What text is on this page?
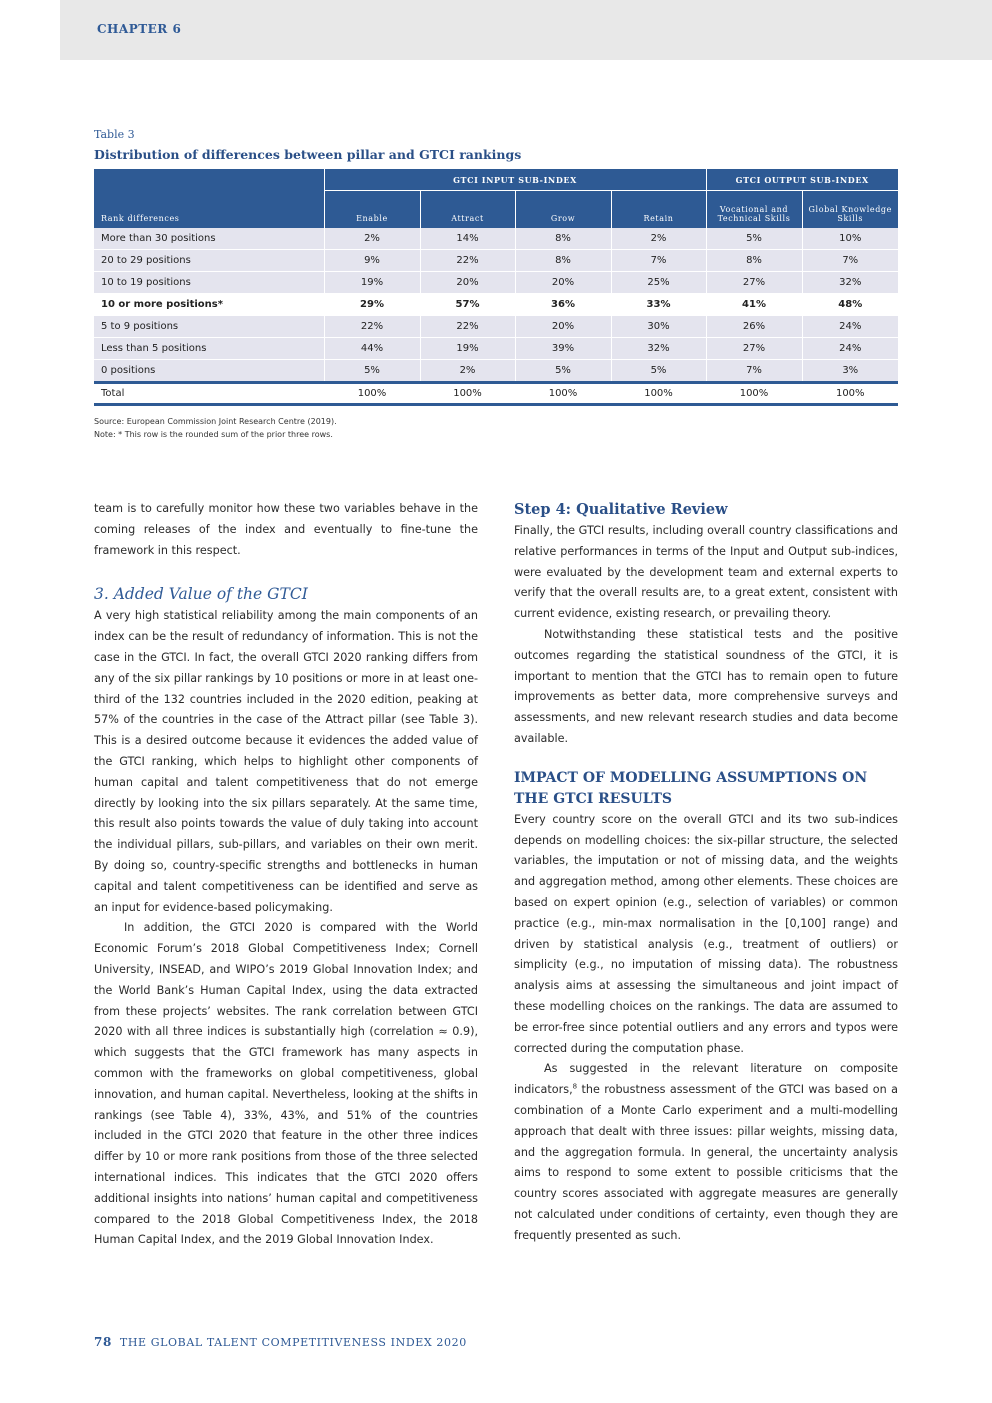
CHAPTER 6
Table 3
Distribution of differences between pillar and GTCI rankings
Rank differences	GTCI INPUT SUB-INDEX				GTCI OUTPUT SUB-INDEX	
	Enable	Attract	Grow	Retain	Vocational and Technical Skills	Global Knowledge Skills
More than 30 positions	2%	14%	8%	2%	5%	10%
20 to 29 positions	9%	22%	8%	7%	8%	7%
10 to 19 positions	19%	20%	20%	25%	27%	32%
10 or more positions*	29%	57%	36%	33%	41%	48%
5 to 9 positions	22%	22%	20%	30%	26%	24%
Less than 5 positions	44%	19%	39%	32%	27%	24%
0 positions	5%	2%	5%	5%	7%	3%
Total	100%	100%	100%	100%	100%	100%
Source: European Commission Joint Research Centre (2019).
Note: * This row is the rounded sum of the prior three rows.

team is to carefully monitor how these two variables behave in the coming releases of the index and eventually to fine-tune the framework in this respect.

3. Added Value of the GTCI

A very high statistical reliability among the main components of an index can be the result of redundancy of information. This is not the case in the GTCI. In fact, the overall GTCI 2020 ranking differs from any of the six pillar rankings by 10 positions or more in at least one-third of the 132 countries included in the 2020 edition, peaking at 57% of the countries in the case of the Attract pillar (see Table 3). This is a desired outcome because it evidences the added value of the GTCI ranking, which helps to highlight other components of human capital and talent competitiveness that do not emerge directly by looking into the six pillars separately. At the same time, this result also points towards the value of duly taking into account the individual pillars, sub-pillars, and variables on their own merit. By doing so, country-specific strengths and bottlenecks in human capital and talent competitiveness can be identified and serve as an input for evidence-based policymaking.

In addition, the GTCI 2020 is compared with the World Economic Forum’s 2018 Global Competitiveness Index; Cornell University, INSEAD, and WIPO’s 2019 Global Innovation Index; and the World Bank’s Human Capital Index, using the data extracted from these projects’ websites. The rank correlation between GTCI 2020 with all three indices is substantially high (correlation ≈ 0.9), which suggests that the GTCI framework has many aspects in common with the frameworks on global competitiveness, global innovation, and human capital. Nevertheless, looking at the shifts in rankings (see Table 4), 33%, 43%, and 51% of the countries included in the GTCI 2020 that feature in the other three indices differ by 10 or more rank positions from those of the three selected international indices. This indicates that the GTCI 2020 offers additional insights into nations’ human capital and competitiveness compared to the 2018 Global Competitiveness Index, the 2018 Human Capital Index, and the 2019 Global Innovation Index.

Step 4: Qualitative Review

Finally, the GTCI results, including overall country classifications and relative performances in terms of the Input and Output sub-indices, were evaluated by the development team and external experts to verify that the overall results are, to a great extent, consistent with current evidence, existing research, or prevailing theory.

Notwithstanding these statistical tests and the positive outcomes regarding the statistical soundness of the GTCI, it is important to mention that the GTCI has to remain open to future improvements as better data, more comprehensive surveys and assessments, and new relevant research studies and data become available.

IMPACT OF MODELLING ASSUMPTIONS ON THE GTCI RESULTS

Every country score on the overall GTCI and its two sub-indices depends on modelling choices: the six-pillar structure, the selected variables, the imputation or not of missing data, and the weights and aggregation method, among other elements. These choices are based on expert opinion (e.g., selection of variables) or common practice (e.g., min-max normalisation in the [0,100] range) and driven by statistical analysis (e.g., treatment of outliers) or simplicity (e.g., no imputation of missing data). The robustness analysis aims at assessing the simultaneous and joint impact of these modelling choices on the rankings. The data are assumed to be error-free since potential outliers and any errors and typos were corrected during the computation phase.

As suggested in the relevant literature on composite indicators,$^8$ the robustness assessment of the GTCI was based on a combination of a Monte Carlo experiment and a multi-modelling approach that dealt with three issues: pillar weights, missing data, and the aggregation formula. In general, the uncertainty analysis aims to respond to some extent to possible criticisms that the country scores associated with aggregate measures are generally not calculated under conditions of certainty, even though they are frequently presented as such.

78 THE GLOBAL TALENT COMPETITIVENESS INDEX 2020
